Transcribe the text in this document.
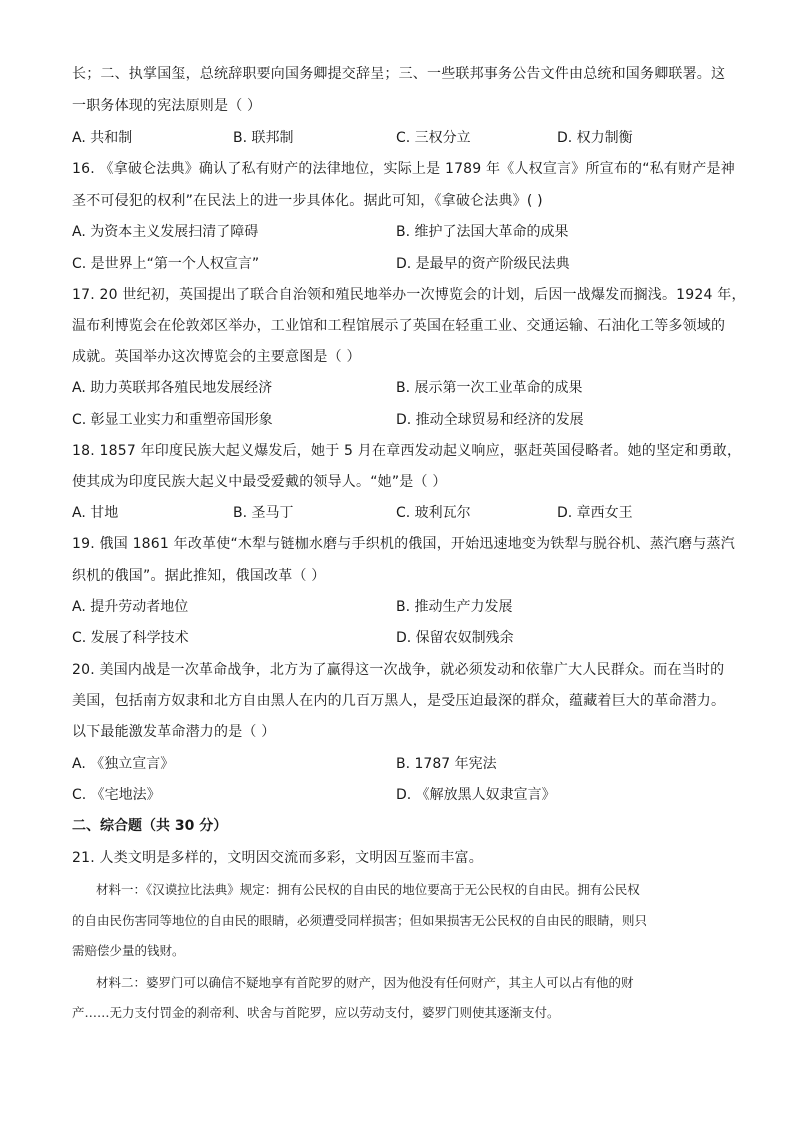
长；二、执掌国玺，总统辞职要向国务卿提交辞呈；三、一些联邦事务公告文件由总统和国务卿联署。这
一职务体现的宪法原则是（ ）
A. 共和制	B. 联邦制	C. 三权分立	D. 权力制衡
16. 《拿破仑法典》确认了私有财产的法律地位，实际上是 1789 年《人权宣言》所宣布的“私有财产是神
圣不可侵犯的权利”在民法上的进一步具体化。据此可知，《拿破仑法典》( )
A. 为资本主义发展扫清了障碍	B. 维护了法国大革命的成果
C. 是世界上“第一个人权宣言”	D. 是最早的资产阶级民法典
17. 20 世纪初，英国提出了联合自治领和殖民地举办一次博览会的计划，后因一战爆发而搁浅。1924 年，
温布利博览会在伦敦郊区举办，工业馆和工程馆展示了英国在轻重工业、交通运输、石油化工等多领域的
成就。英国举办这次博览会的主要意图是（ ）
A. 助力英联邦各殖民地发展经济	B. 展示第一次工业革命的成果
C. 彰显工业实力和重塑帝国形象	D. 推动全球贸易和经济的发展
18. 1857 年印度民族大起义爆发后，她于 5 月在章西发动起义响应，驱赶英国侵略者。她的坚定和勇敢，
使其成为印度民族大起义中最受爱戴的领导人。“她”是（ ）
A. 甘地	B. 圣马丁	C. 玻利瓦尔	D. 章西女王
19. 俄国 1861 年改革使“木犁与链枷水磨与手织机的俄国，开始迅速地变为铁犁与脱谷机、蒸汽磨与蒸汽
织机的俄国”。据此推知，俄国改革（ ）
A. 提升劳动者地位	B. 推动生产力发展
C. 发展了科学技术	D. 保留农奴制残余
20. 美国内战是一次革命战争，北方为了赢得这一次战争，就必须发动和依靠广大人民群众。而在当时的
美国，包括南方奴隶和北方自由黑人在内的几百万黑人，是受压迫最深的群众，蕴藏着巨大的革命潜力。
以下最能激发革命潜力的是（ ）
A. 《独立宣言》	B. 1787 年宪法
C. 《宅地法》	D. 《解放黑人奴隶宣言》
二、综合题（共 30 分）
21. 人类文明是多样的，文明因交流而多彩，文明因互鉴而丰富。
材料一：《汉谟拉比法典》规定：拥有公民权的自由民的地位要高于无公民权的自由民。拥有公民权
的自由民伤害同等地位的自由民的眼睛，必须遭受同样损害；但如果损害无公民权的自由民的眼睛，则只
需赔偿少量的钱财。
材料二：婆罗门可以确信不疑地享有首陀罗的财产，因为他没有任何财产，其主人可以占有他的财
产……无力支付罚金的刹帝利、吠舍与首陀罗，应以劳动支付，婆罗门则使其逐渐支付。
